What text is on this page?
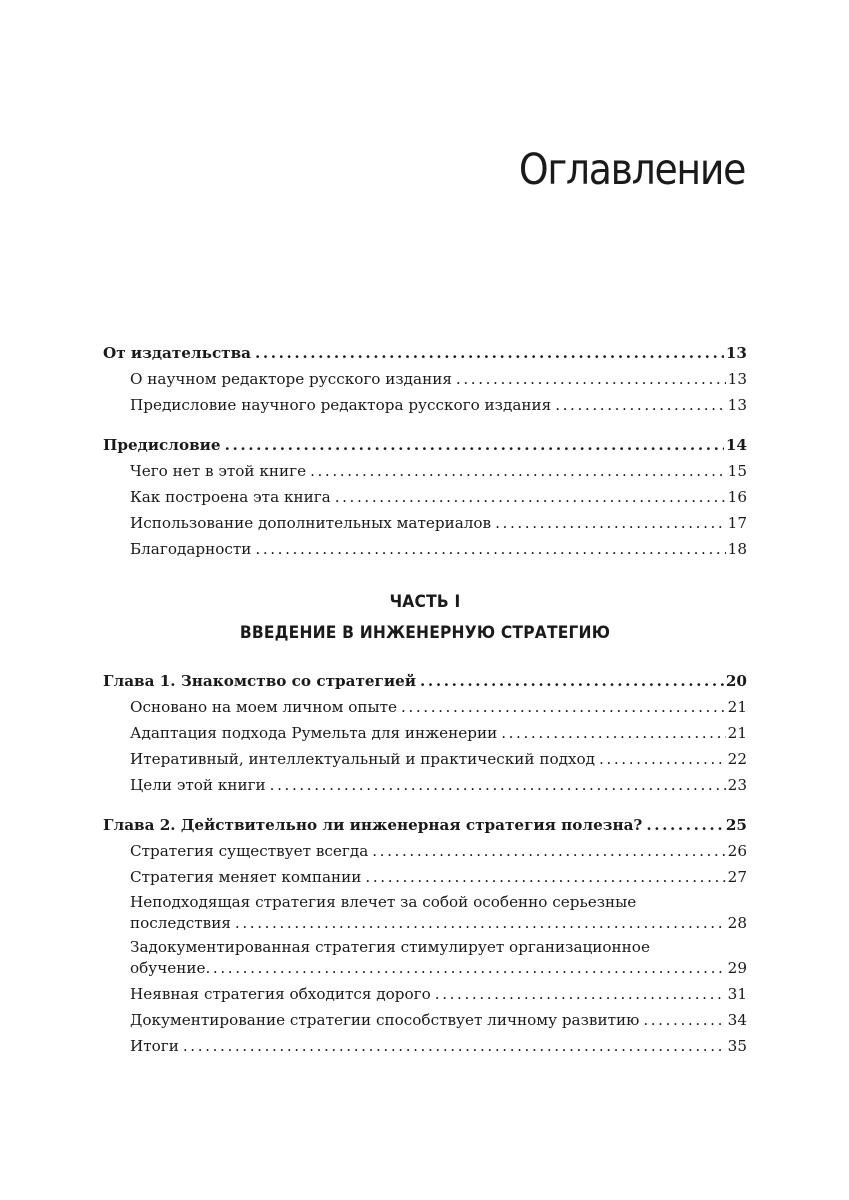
Оглавление
От издательства .....	13
О научном редакторе русского издания .....	13
Предисловие научного редактора русского издания .....	13
Предисловие .....	14
Чего нет в этой книге .....	15
Как построена эта книга .....	16
Использование дополнительных материалов .....	17
Благодарности .....	18
ЧАСТЬ I
ВВЕДЕНИЕ В ИНЖЕНЕРНУЮ СТРАТЕГИЮ
Глава 1. Знакомство со стратегией .....	20
Основано на моем личном опыте .....	21
Адаптация подхода Румельта для инженерии .....	21
Итеративный, интеллектуальный и практический подход .....	22
Цели этой книги .....	23
Глава 2. Действительно ли инженерная стратегия полезна? .....	25
Стратегия существует всегда .....	26
Стратегия меняет компании .....	27
Неподходящая стратегия влечет за собой особенно серьезные
последствия .....	28
Задокументированная стратегия стимулирует организационное
обучение .....	29
Неявная стратегия обходится дорого .....	31
Документирование стратегии способствует личному развитию .....	34
Итоги .....	35
